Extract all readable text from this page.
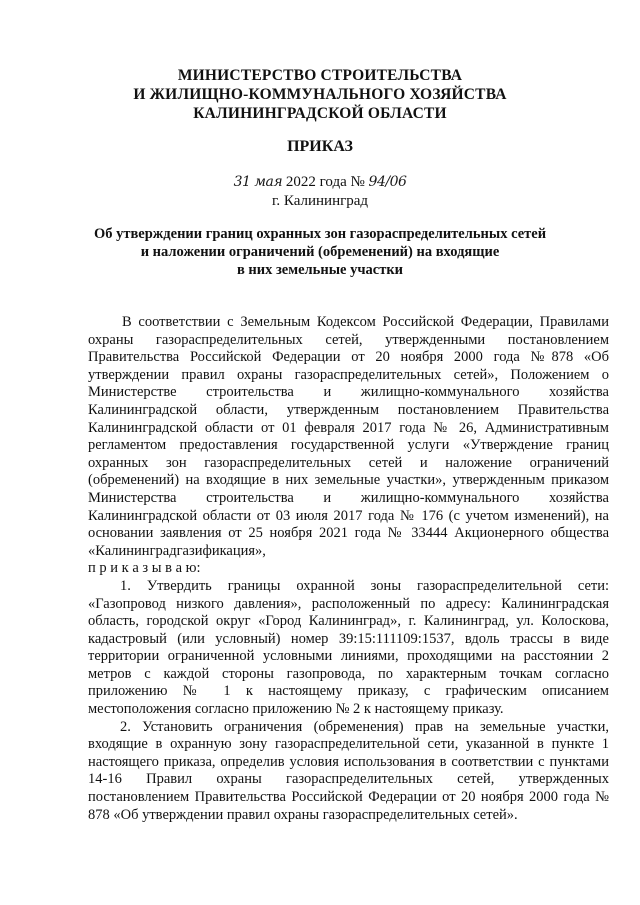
МИНИСТЕРСТВО СТРОИТЕЛЬСТВА
И ЖИЛИЩНО-КОММУНАЛЬНОГО ХОЗЯЙСТВА
КАЛИНИНГРАДСКОЙ ОБЛАСТИ
ПРИКАЗ
31 мая 2022 года № 94/06
г. Калининград
Об утверждении границ охранных зон газораспределительных сетей
и наложении ограничений (обременений) на входящие
в них земельные участки

В соответствии с Земельным Кодексом Российской Федерации, Правилами охраны газораспределительных сетей, утвержденными постановлением Правительства Российской Федерации от 20 ноября 2000 года №878 «Об утверждении правил охраны газораспределительных сетей», Положением о Министерстве строительства и жилищно-коммунального хозяйства Калининградской области, утвержденным постановлением Правительства Калининградской области от 01 февраля 2017 года № 26, Административным регламентом предоставления государственной услуги «Утверждение границ охранных зон газораспределительных сетей и наложение ограничений (обременений) на входящие в них земельные участки», утвержденным приказом Министерства строительства и жилищно-коммунального хозяйства Калининградской области от 03 июля 2017 года № 176 (с учетом изменений), на основании заявления от 25 ноября 2021 года № 33444 Акционерного общества «Калининградгазификация»,

п р и к а з ы в а ю:

1. Утвердить границы охранной зоны газораспределительной сети: «Газопровод низкого давления», расположенный по адресу: Калининградская область, городской округ «Город Калининград», г. Калининград, ул. Колоскова, кадастровый (или условный) номер 39:15:111109:1537, вдоль трассы в виде территории ограниченной условными линиями, проходящими на расстоянии 2 метров с каждой стороны газопровода, по характерным точкам согласно приложению № 1 к настоящему приказу, с графическим описанием местоположения согласно приложению № 2 к настоящему приказу.

2. Установить ограничения (обременения) прав на земельные участки, входящие в охранную зону газораспределительной сети, указанной в пункте 1 настоящего приказа, определив условия использования в соответствии с пунктами 14-16 Правил охраны газораспределительных сетей, утвержденных постановлением Правительства Российской Федерации от 20 ноября 2000 года № 878 «Об утверждении правил охраны газораспределительных сетей».
